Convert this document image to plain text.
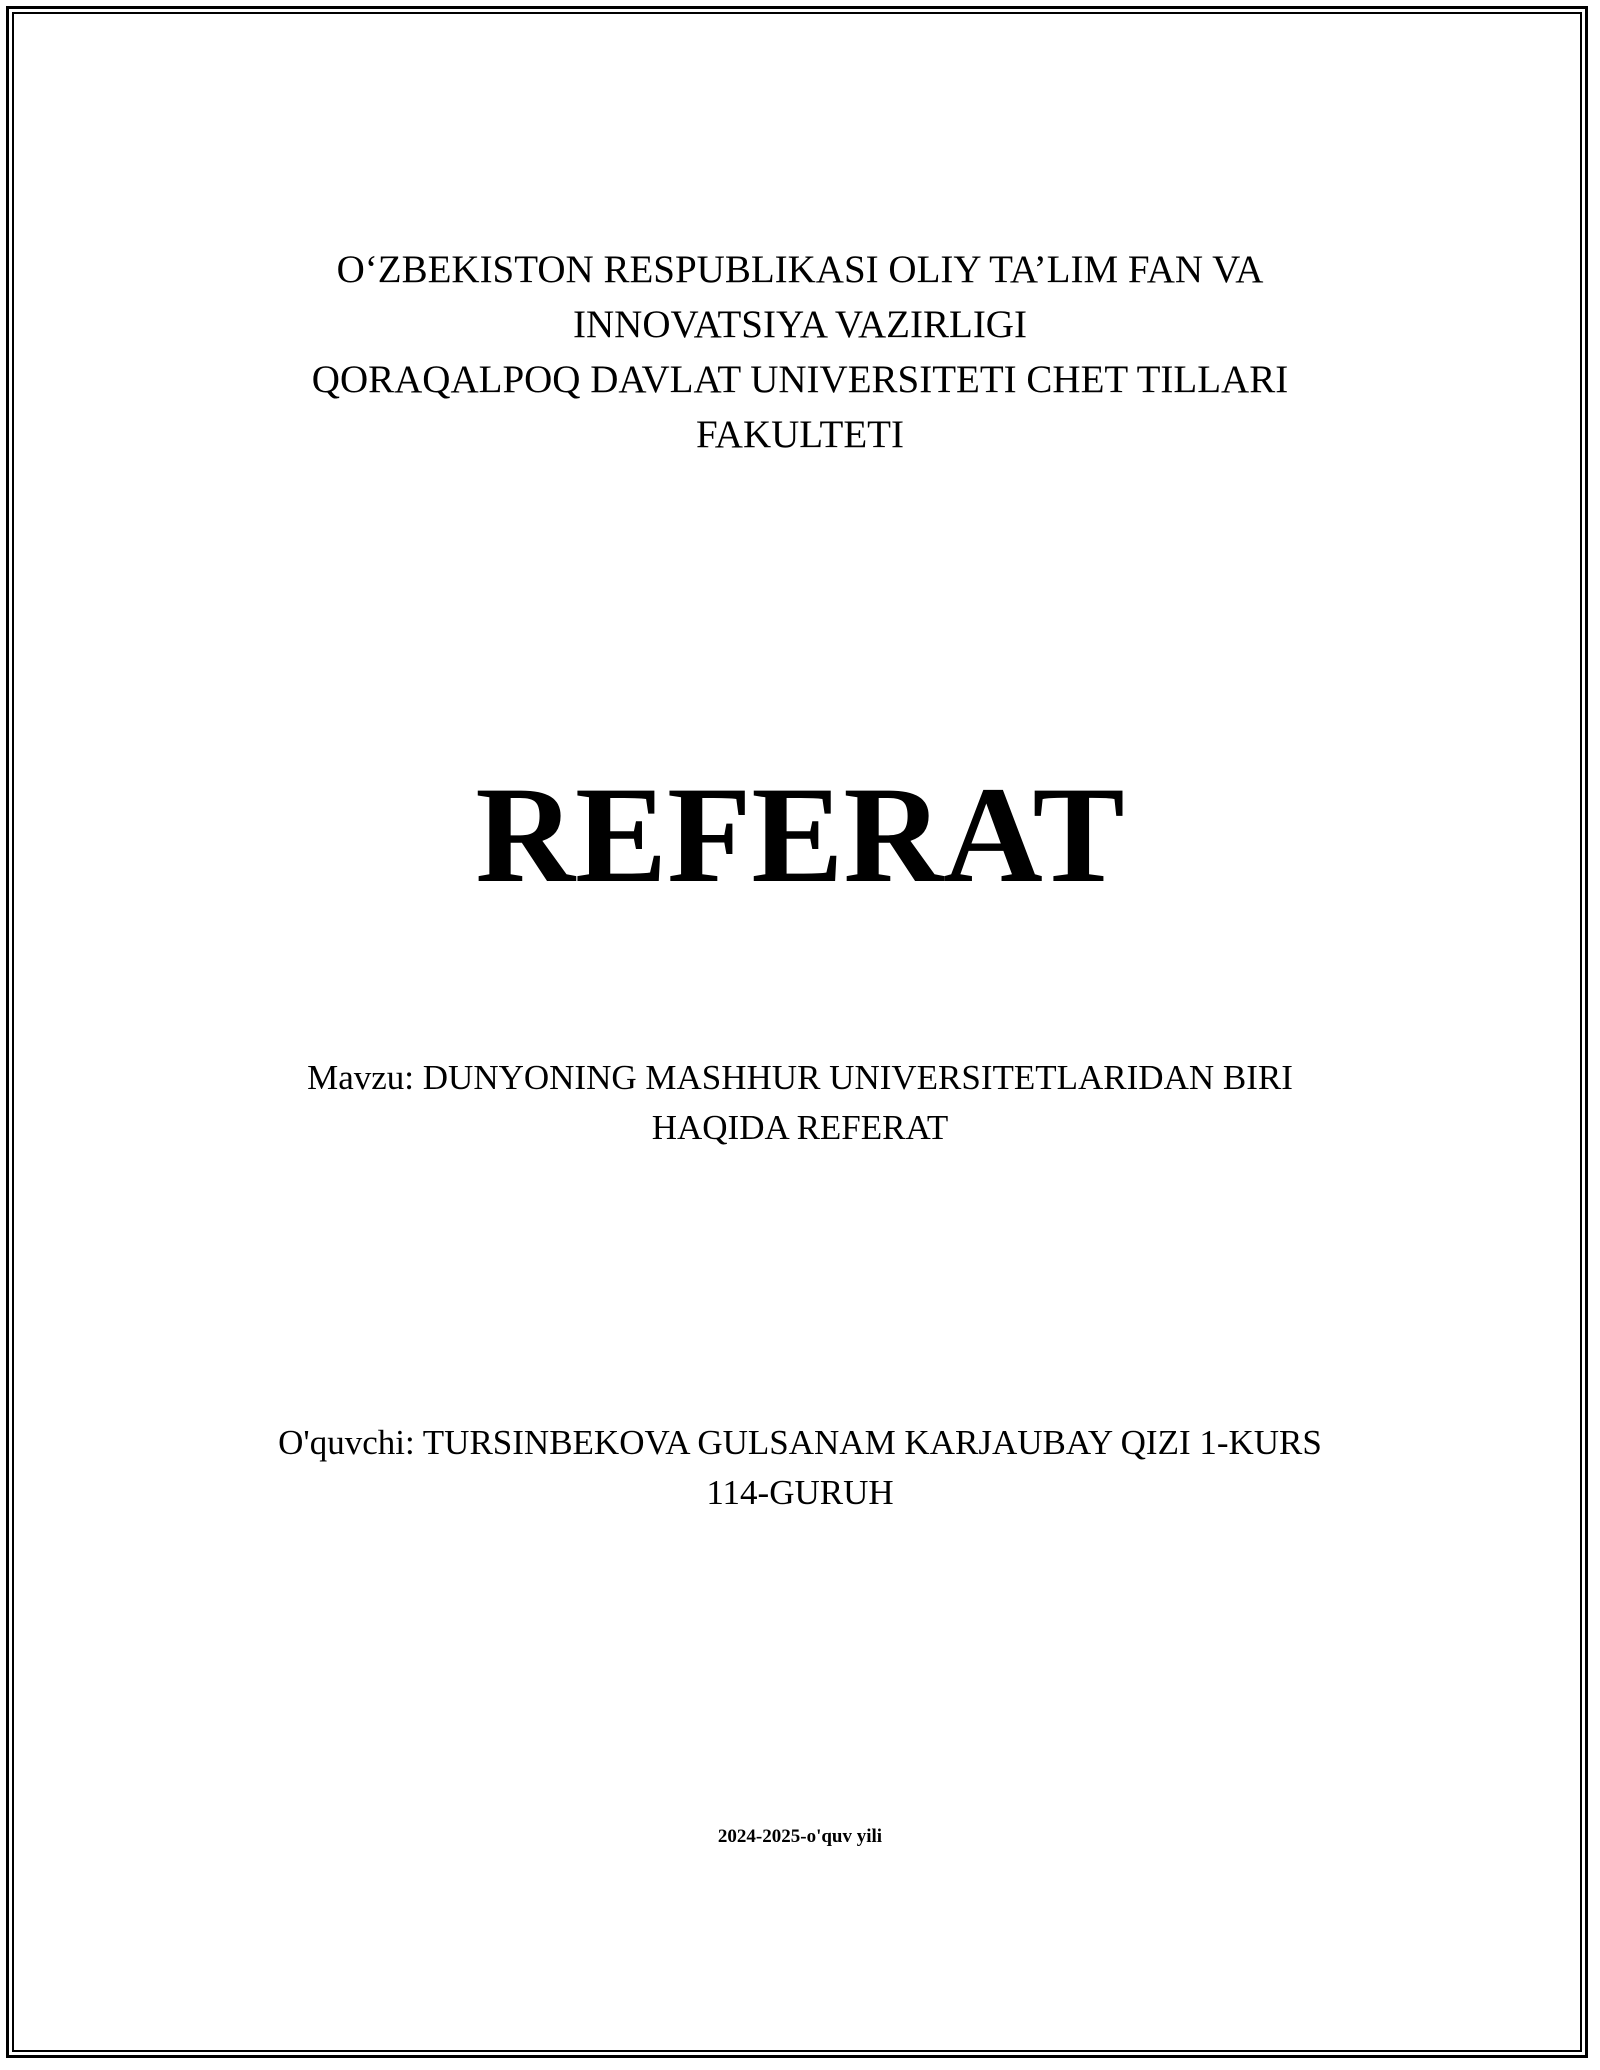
O‘ZBEKISTON RESPUBLIKASI OLIY TA’LIM FAN VA
INNOVATSIYA VAZIRLIGI
QORAQALPOQ DAVLAT UNIVERSITETI CHET TILLARI
FAKULTETI
REFERAT
Mavzu: DUNYONING MASHHUR UNIVERSITETLARIDAN BIRI
HAQIDA REFERAT
O'quvchi: TURSINBEKOVA GULSANAM KARJAUBAY QIZI 1-KURS
114-GURUH
2024-2025-o'quv yili
